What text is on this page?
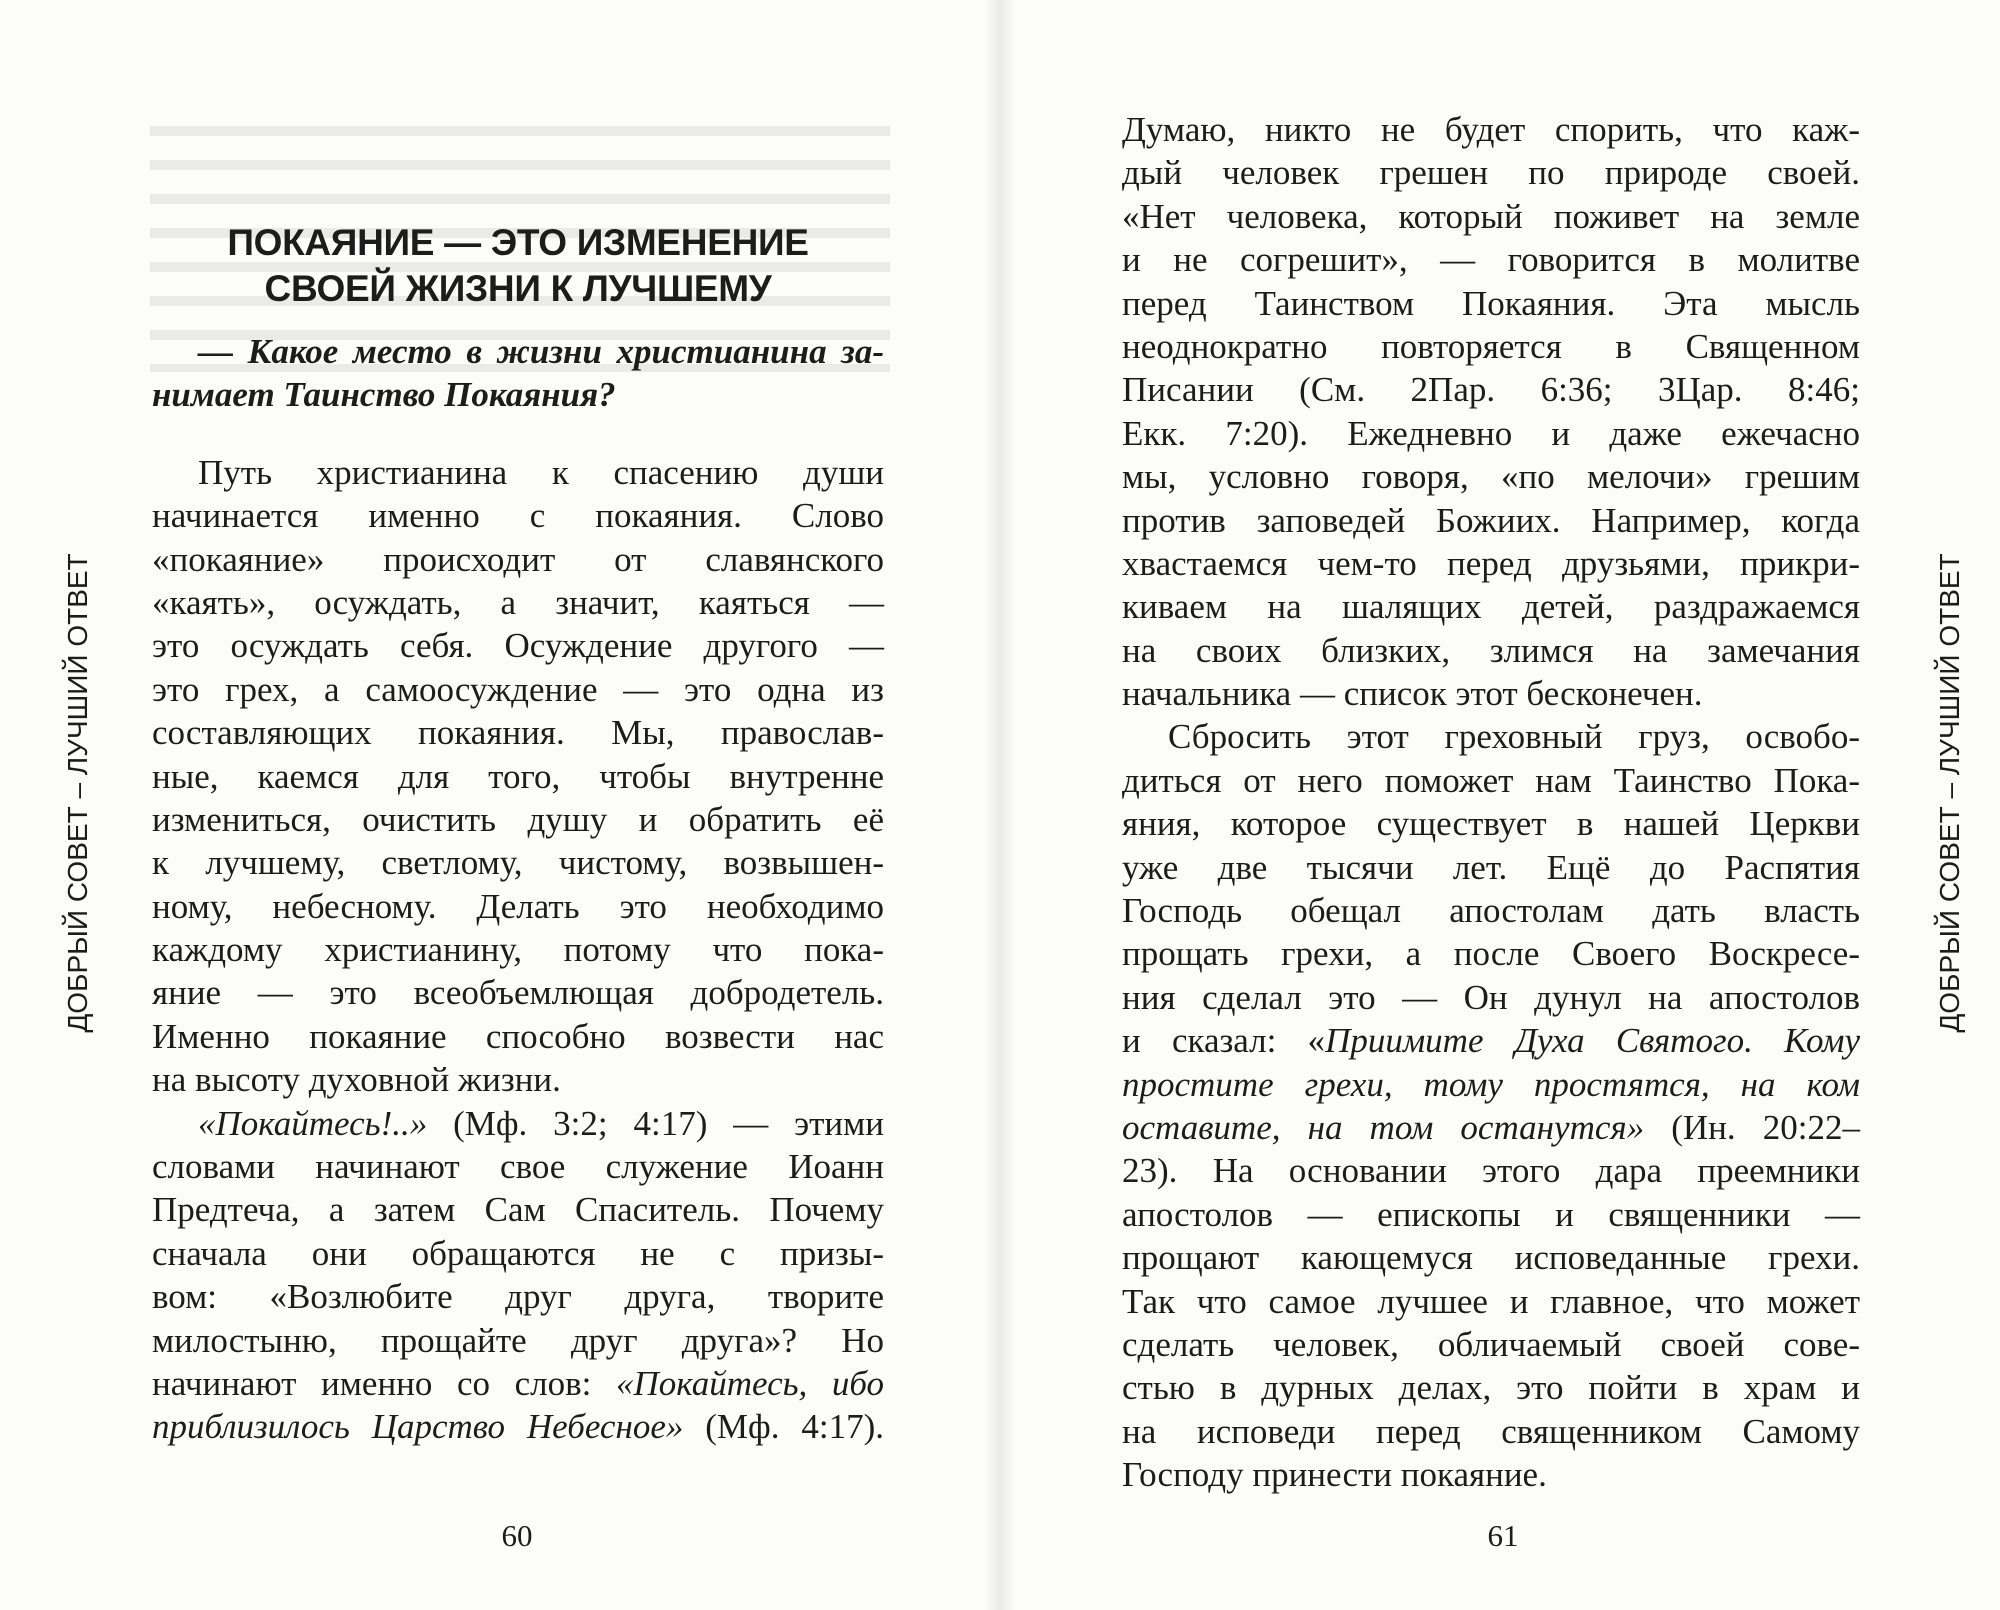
ДОБРЫЙ СОВЕТ – ЛУЧШИЙ ОТВЕТ
ПОКАЯНИЕ — ЭТО ИЗМЕНЕНИЕ
СВОЕЙ ЖИЗНИ К ЛУЧШЕМУ
— Какое место в жизни христианина за-
нимает Таинство Покаяния?
Путь христианина к спасению души
начинается именно с покаяния. Слово
«покаяние» происходит от славянского
«каять», осуждать, а значит, каяться —
это осуждать себя. Осуждение другого —
это грех, а самоосуждение — это одна из
составляющих покаяния. Мы, православ-
ные, каемся для того, чтобы внутренне
измениться, очистить душу и обратить её
к лучшему, светлому, чистому, возвышен-
ному, небесному. Делать это необходимо
каждому христианину, потому что пока-
яние — это всеобъемлющая добродетель.
Именно покаяние способно возвести нас
на высоту духовной жизни.
«Покайтесь!..» (Мф. 3:2; 4:17) — этими
словами начинают свое служение Иоанн
Предтеча, а затем Сам Спаситель. Почему
сначала они обращаются не с призы-
вом: «Возлюбите друг друга, творите
милостыню, прощайте друг друга»? Но
начинают именно со слов: «Покайтесь, ибо
приблизилось Царство Небесное» (Мф. 4:17).
60
Думаю, никто не будет спорить, что каж-
дый человек грешен по природе своей.
«Нет человека, который поживет на земле
и не согрешит», — говорится в молитве
перед Таинством Покаяния. Эта мысль
неоднократно повторяется в Священном
Писании (См. 2Пар. 6:36; 3Цар. 8:46;
Екк. 7:20). Ежедневно и даже ежечасно
мы, условно говоря, «по мелочи» грешим
против заповедей Божиих. Например, когда
хвастаемся чем-то перед друзьями, прикри-
киваем на шалящих детей, раздражаемся
на своих близких, злимся на замечания
начальника — список этот бесконечен.
Сбросить этот греховный груз, освобо-
диться от него поможет нам Таинство Пока-
яния, которое существует в нашей Церкви
уже две тысячи лет. Ещё до Распятия
Господь обещал апостолам дать власть
прощать грехи, а после Своего Воскресе-
ния сделал это — Он дунул на апостолов
и сказал: «Приимите Духа Святого. Кому
простите грехи, тому простятся, на ком
оставите, на том останутся» (Ин. 20:22–
23). На основании этого дара преемники
апостолов — епископы и священники —
прощают кающемуся исповеданные грехи.
Так что самое лучшее и главное, что может
сделать человек, обличаемый своей сове-
стью в дурных делах, это пойти в храм и
на исповеди перед священником Самому
Господу принести покаяние.
61
ДОБРЫЙ СОВЕТ – ЛУЧШИЙ ОТВЕТ
